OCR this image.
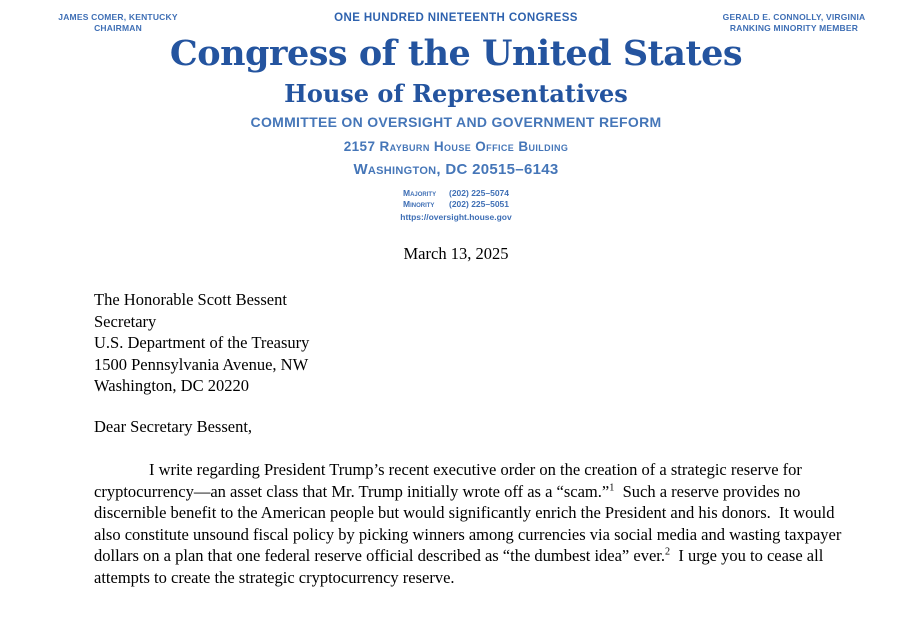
JAMES COMER, KENTUCKY
CHAIRMAN
ONE HUNDRED NINETEENTH CONGRESS	GERALD E. CONNOLLY, VIRGINIA
RANKING MINORITY MEMBER
Congress of the United States
House of Representatives
COMMITTEE ON OVERSIGHT AND GOVERNMENT REFORM
2157 Rayburn House Office Building
Washington, DC 20515–6143
Majority (202) 225–5074
Minority (202) 225–5051
https://oversight.house.gov
March 13, 2025
The Honorable Scott Bessent
Secretary
U.S. Department of the Treasury
1500 Pennsylvania Avenue, NW
Washington, DC 20220
Dear Secretary Bessent,

I write regarding President Trump’s recent executive order on the creation of a strategic reserve for cryptocurrency—an asset class that Mr. Trump initially wrote off as a “scam.”$^1$  Such a reserve provides no discernible benefit to the American people but would significantly enrich the President and his donors.  It would also constitute unsound fiscal policy by picking winners among currencies via social media and wasting taxpayer dollars on a plan that one federal reserve official described as “the dumbest idea” ever.$^2$  I urge you to cease all attempts to create the strategic cryptocurrency reserve.
